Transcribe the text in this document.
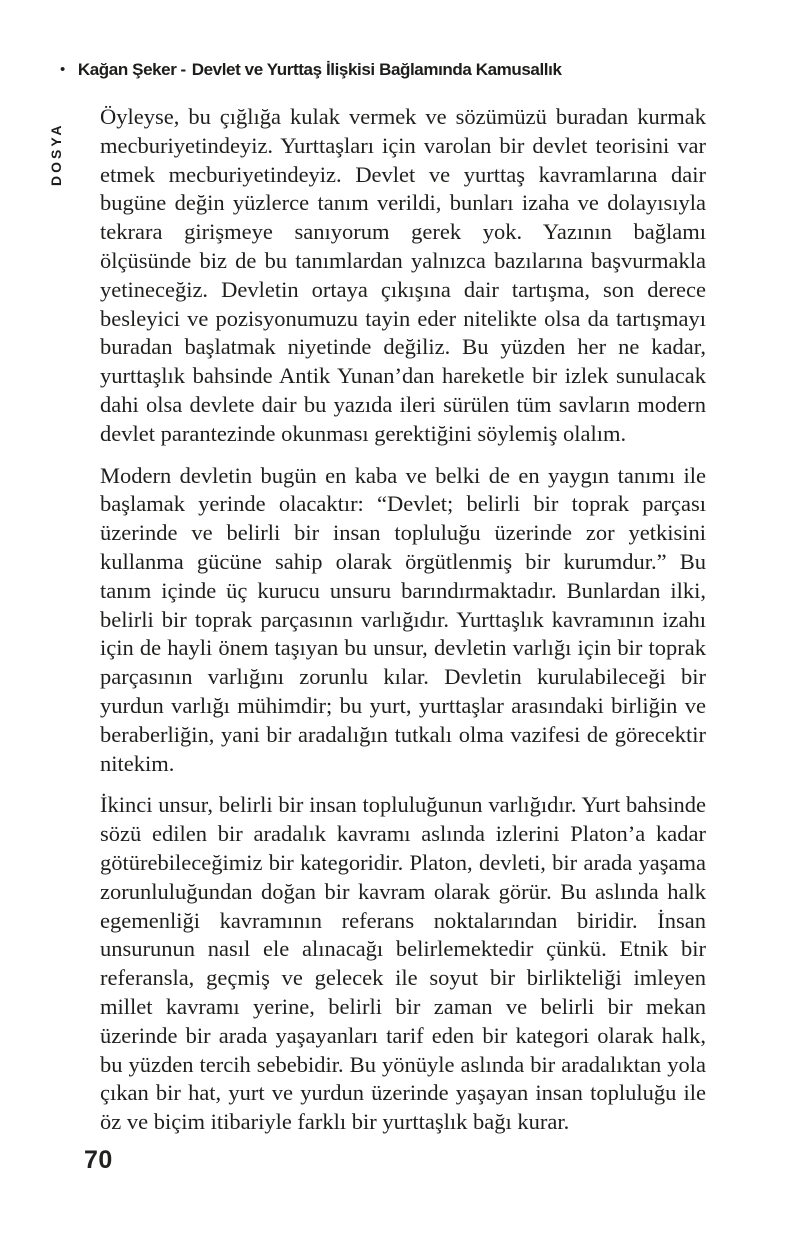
• Kağan Şeker - Devlet ve Yurttaş İlişkisi Bağlamında Kamusallık
DOSYA

Öyleyse, bu çığlığa kulak vermek ve sözümüzü buradan kurmak mecburiyetindeyiz. Yurttaşları için varolan bir devlet teorisini var etmek mecburiyetindeyiz. Devlet ve yurttaş kavramlarına dair bugüne değin yüzlerce tanım verildi, bunları izaha ve dolayısıyla tekrara girişmeye sanıyorum gerek yok. Yazının bağlamı ölçüsünde biz de bu tanımlardan yalnızca bazılarına başvurmakla yetineceğiz. Devletin ortaya çıkışına dair tartışma, son derece besleyici ve pozisyonumuzu tayin eder nitelikte olsa da tartışmayı buradan başlatmak niyetinde değiliz. Bu yüzden her ne kadar, yurttaşlık bahsinde Antik Yunan’dan hareketle bir izlek sunulacak dahi olsa devlete dair bu yazıda ileri sürülen tüm savların modern devlet parantezinde okunması gerektiğini söylemiş olalım.

Modern devletin bugün en kaba ve belki de en yaygın tanımı ile başlamak yerinde olacaktır: “Devlet; belirli bir toprak parçası üzerinde ve belirli bir insan topluluğu üzerinde zor yetkisini kullanma gücüne sahip olarak örgütlenmiş bir kurumdur.” Bu tanım içinde üç kurucu unsuru barındırmaktadır. Bunlardan ilki, belirli bir toprak parçasının varlığıdır. Yurttaşlık kavramının izahı için de hayli önem taşıyan bu unsur, devletin varlığı için bir toprak parçasının varlığını zorunlu kılar. Devletin kurulabileceği bir yurdun varlığı mühimdir; bu yurt, yurttaşlar arasındaki birliğin ve beraberliğin, yani bir aradalığın tutkalı olma vazifesi de görecektir nitekim.

İkinci unsur, belirli bir insan topluluğunun varlığıdır. Yurt bahsinde sözü edilen bir aradalık kavramı aslında izlerini Platon’a kadar götürebileceğimiz bir kategoridir. Platon, devleti, bir arada yaşama zorunluluğundan doğan bir kavram olarak görür. Bu aslında halk egemenliği kavramının referans noktalarından biridir. İnsan unsurunun nasıl ele alınacağı belirlemektedir çünkü. Etnik bir referansla, geçmiş ve gelecek ile soyut bir birlikteliği imleyen millet kavramı yerine, belirli bir zaman ve belirli bir mekan üzerinde bir arada yaşayanları tarif eden bir kategori olarak halk, bu yüzden tercih sebebidir. Bu yönüyle aslında bir aradalıktan yola çıkan bir hat, yurt ve yurdun üzerinde yaşayan insan topluluğu ile öz ve biçim itibariyle farklı bir yurttaşlık bağı kurar.

70
